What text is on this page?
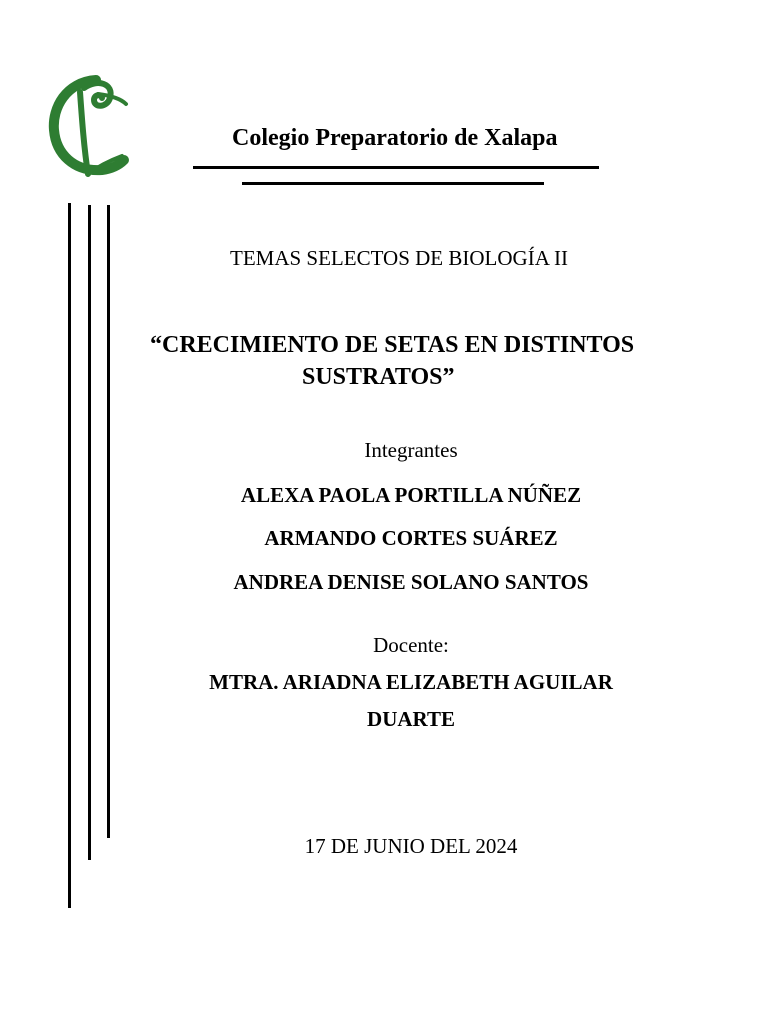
Colegio Preparatorio de Xalapa
TEMAS SELECTOS DE BIOLOGÍA II
“CRECIMIENTO DE SETAS EN DISTINTOS
SUSTRATOS”
Integrantes
ALEXA PAOLA PORTILLA NÚÑEZ
ARMANDO CORTES SUÁREZ
ANDREA DENISE SOLANO SANTOS
Docente:
MTRA. ARIADNA ELIZABETH AGUILAR
DUARTE
17 DE JUNIO DEL 2024
